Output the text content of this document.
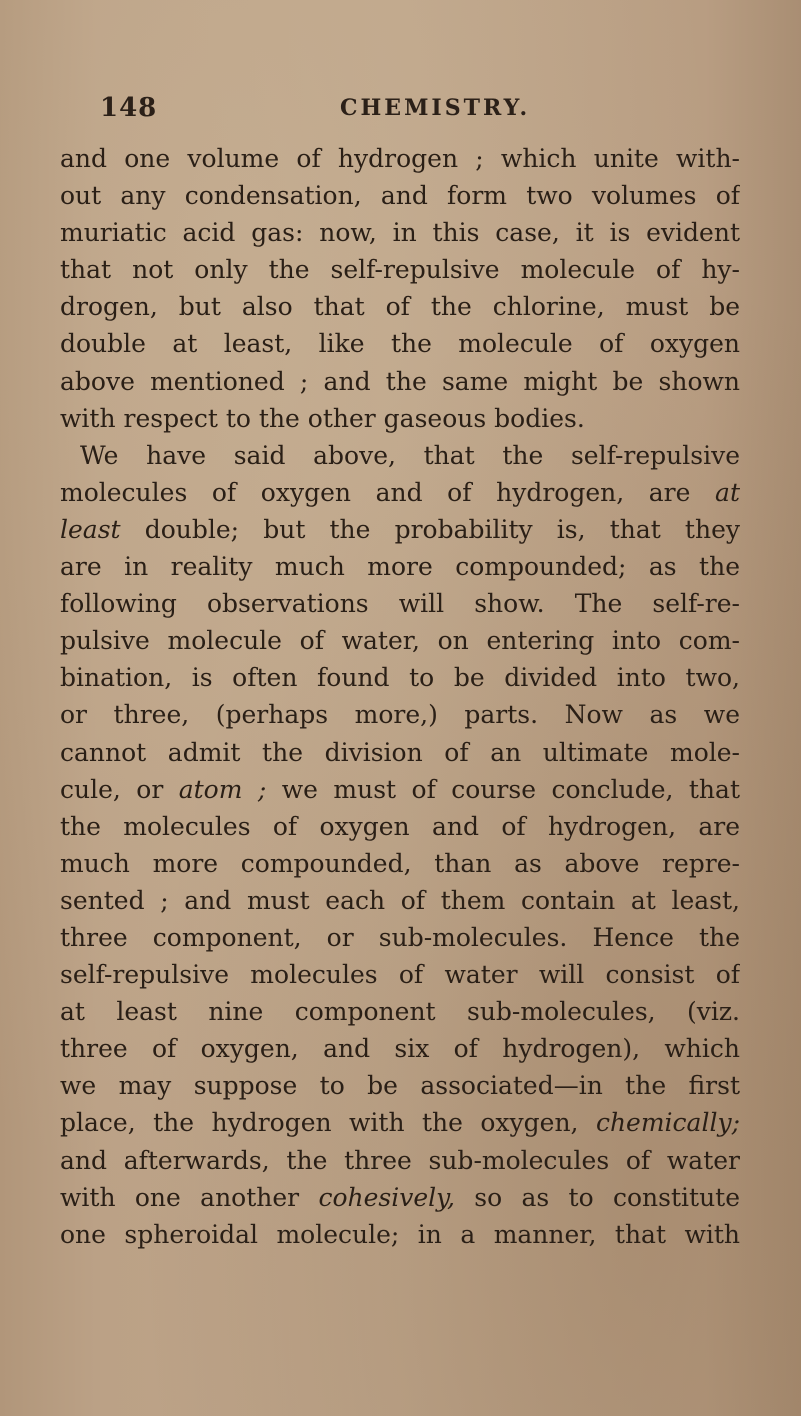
148	CHEMISTRY.
and one volume of hydrogen ; which unite with-
out any condensation, and form two volumes of
muriatic acid gas: now, in this case, it is evident
that not only the self-repulsive molecule of hy-
drogen, but also that of the chlorine, must be
double at least, like the molecule of oxygen
above mentioned ; and the same might be shown
with respect to the other gaseous bodies.
We have said above, that the self-repulsive
molecules of oxygen and of hydrogen, are at
least double; but the probability is, that they
are in reality much more compounded; as the
following observations will show. The self-re-
pulsive molecule of water, on entering into com-
bination, is often found to be divided into two,
or three, (perhaps more,) parts. Now as we
cannot admit the division of an ultimate mole-
cule, or atom ; we must of course conclude, that
the molecules of oxygen and of hydrogen, are
much more compounded, than as above repre-
sented ; and must each of them contain at least,
three component, or sub-molecules. Hence the
self-repulsive molecules of water will consist of
at least nine component sub-molecules, (viz.
three of oxygen, and six of hydrogen), which
we may suppose to be associated—in the first
place, the hydrogen with the oxygen, chemically;
and afterwards, the three sub-molecules of water
with one another cohesively, so as to constitute
one spheroidal molecule; in a manner, that with
